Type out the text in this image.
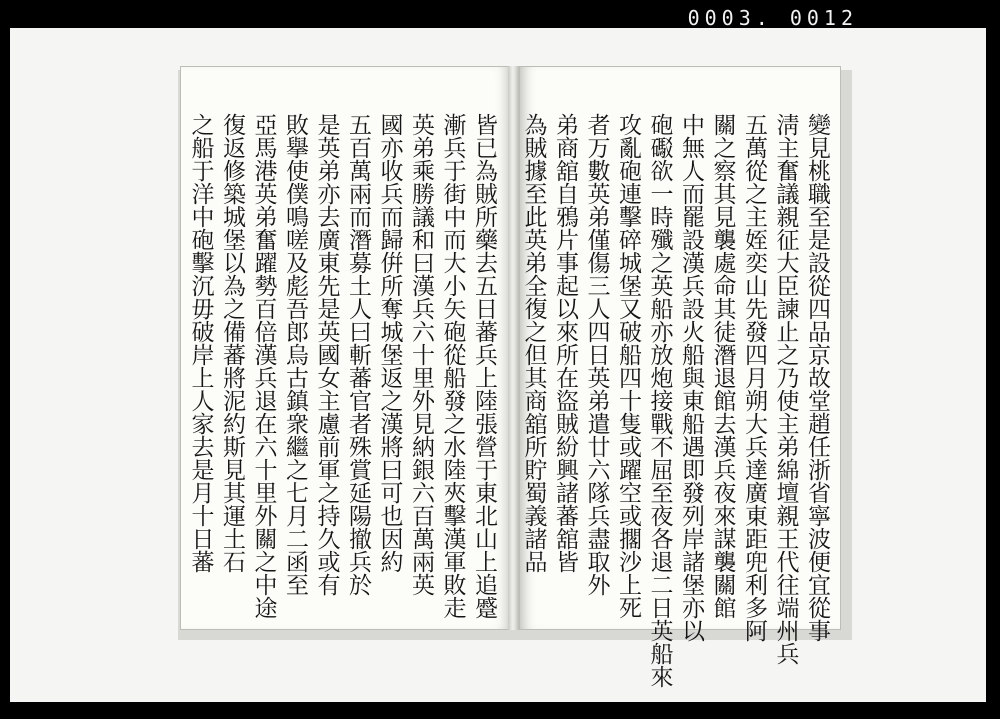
0003. 0012

皆已為賊所藥去五日蕃兵上陸張營于東北山上追蹙

漸兵于街中而大小矢砲從船發之水陸夾擊漢軍敗走

英弟乘勝議和曰漢兵六十里外見納銀六百萬兩英

國亦收兵而歸倂所奪城堡返之漢將曰可也因約

五百萬兩而潛募土人曰斬蕃官者殊賞延陽撤兵於

是英弟亦去廣東先是英國女主慮前軍之持久或有

敗擧使僕鳴嗟及彪吾郎烏古鎮衆繼之七月二函至

亞馬港英弟奮躍勢百倍漢兵退在六十里外關之中途

復返修築城堡以為之備蕃將泥約斯見其運土石

之船于洋中砲擊沉毋破岸上人家去是月十日蕃	變見桃職至是設從四品京故堂趙任浙省寧波便宜從事

淸主奮議親征大臣諫止之乃使主弟綿壇親王代往端州兵

五萬從之主姪奕山先發四月朔大兵達廣東距兜利多阿

關之察其見襲處命其徒潛退館去漢兵夜來謀襲關館

中無人而罷設漢兵設火船與東船遇即發列岸諸堡亦以

砲礟欲一時殲之英船亦放炮接戰不屈至夜各退二日英船來

攻亂砲連擊碎城堡又破船四十隻或躍空或擱沙上死

者万數英弟僅傷三人四日英弟遣廿六隊兵盡取外

弟商舘自鴉片事起以來所在盜賊紛興諸蕃舘皆

為賊據至此英弟全復之但其商舘所貯蜀義諸品
